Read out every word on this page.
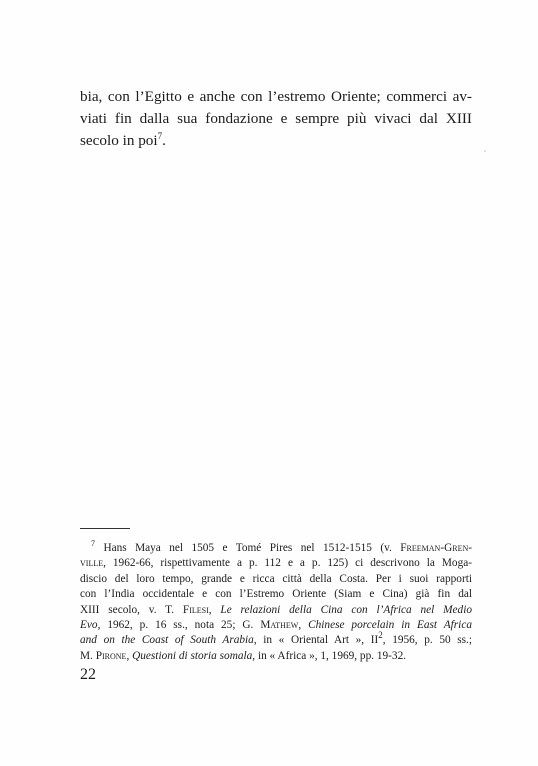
bia, con l’Egitto e anche con l’estremo Oriente; commerci av-
viati fin dalla sua fondazione e sempre più vivaci dal XIII
secolo in poi$^7$.

$^7$ Hans Maya nel 1505 e Tomé Pires nel 1512-1515 (v. Freeman-Gren-
ville, 1962-66, rispettivamente a p. 112 e a p. 125) ci descrivono la Moga-
discio del loro tempo, grande e ricca città della Costa. Per i suoi rapporti
con l’India occidentale e con l’Estremo Oriente (Siam e Cina) già fin dal
XIII secolo, v. T. Filesi, Le relazioni della Cina con l’Africa nel Medio
Evo, 1962, p. 16 ss., nota 25; G. Mathew, Chinese porcelain in East Africa
and on the Coast of South Arabia, in « Oriental Art », $II^2$, 1956, p. 50 ss.;
M. Pirone, Questioni di storia somala, in « Africa », 1, 1969, pp. 19-32.

22
